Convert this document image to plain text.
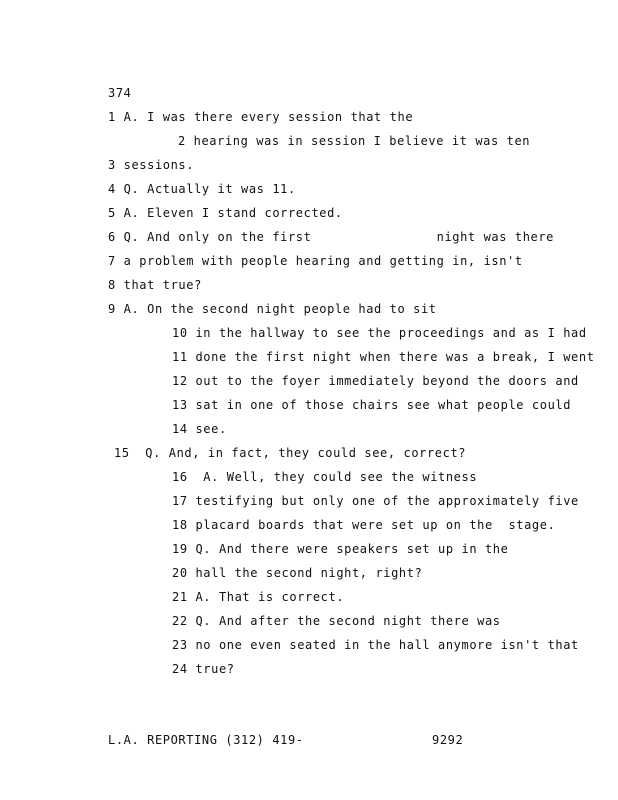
374
1 A. I was there every session that the
2 hearing was in session I believe it was ten
3 sessions.
4 Q. Actually it was 11.
5 A. Eleven I stand corrected.
6 Q. And only on the first                night was there
7 a problem with people hearing and getting in, isn't
8 that true?
9 A. On the second night people had to sit
10 in the hallway to see the proceedings and as I had
11 done the first night when there was a break, I went
12 out to the foyer immediately beyond the doors and
13 sat in one of those chairs see what people could
14 see.
15  Q. And, in fact, they could see, correct?
16  A. Well, they could see the witness
17 testifying but only one of the approximately five
18 placard boards that were set up on the  stage.
19 Q. And there were speakers set up in the
20 hall the second night, right?
21 A. That is correct.
22 Q. And after the second night there was
23 no one even seated in the hall anymore isn't that
24 true?
L.A. REPORTING (312) 419-	9292
